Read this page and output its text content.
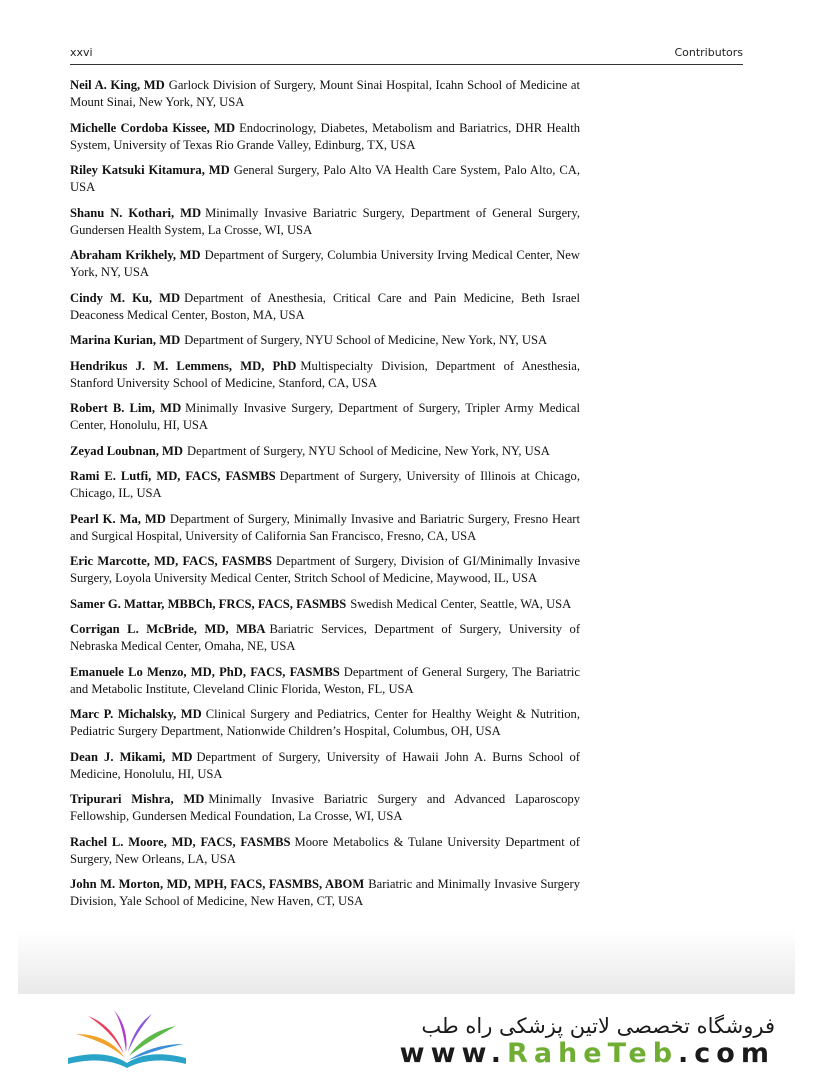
xxvi	Contributors

Neil A. King, MD Garlock Division of Surgery, Mount Sinai Hospital, Icahn School of Medicine at Mount Sinai, New York, NY, USA

Michelle Cordoba Kissee, MD Endocrinology, Diabetes, Metabolism and Bariatrics, DHR Health System, University of Texas Rio Grande Valley, Edinburg, TX, USA

Riley Katsuki Kitamura, MD General Surgery, Palo Alto VA Health Care System, Palo Alto, CA, USA

Shanu N. Kothari, MD Minimally Invasive Bariatric Surgery, Department of General Surgery, Gundersen Health System, La Crosse, WI, USA

Abraham Krikhely, MD Department of Surgery, Columbia University Irving Medical Center, New York, NY, USA

Cindy M. Ku, MD Department of Anesthesia, Critical Care and Pain Medicine, Beth Israel Deaconess Medical Center, Boston, MA, USA

Marina Kurian, MD Department of Surgery, NYU School of Medicine, New York, NY, USA

Hendrikus J. M. Lemmens, MD, PhD Multispecialty Division, Department of Anesthesia, Stanford University School of Medicine, Stanford, CA, USA

Robert B. Lim, MD Minimally Invasive Surgery, Department of Surgery, Tripler Army Medical Center, Honolulu, HI, USA

Zeyad Loubnan, MD Department of Surgery, NYU School of Medicine, New York, NY, USA

Rami E. Lutfi, MD, FACS, FASMBS Department of Surgery, University of Illinois at Chicago, Chicago, IL, USA

Pearl K. Ma, MD Department of Surgery, Minimally Invasive and Bariatric Surgery, Fresno Heart and Surgical Hospital, University of California San Francisco, Fresno, CA, USA

Eric Marcotte, MD, FACS, FASMBS Department of Surgery, Division of GI/Minimally Invasive Surgery, Loyola University Medical Center, Stritch School of Medicine, Maywood, IL, USA

Samer G. Mattar, MBBCh, FRCS, FACS, FASMBS Swedish Medical Center, Seattle, WA, USA

Corrigan L. McBride, MD, MBA Bariatric Services, Department of Surgery, University of Nebraska Medical Center, Omaha, NE, USA

Emanuele Lo Menzo, MD, PhD, FACS, FASMBS Department of General Surgery, The Bariatric and Metabolic Institute, Cleveland Clinic Florida, Weston, FL, USA

Marc P. Michalsky, MD Clinical Surgery and Pediatrics, Center for Healthy Weight & Nutrition, Pediatric Surgery Department, Nationwide Children’s Hospital, Columbus, OH, USA

Dean J. Mikami, MD Department of Surgery, University of Hawaii John A. Burns School of Medicine, Honolulu, HI, USA

Tripurari Mishra, MD Minimally Invasive Bariatric Surgery and Advanced Laparoscopy Fellowship, Gundersen Medical Foundation, La Crosse, WI, USA

Rachel L. Moore, MD, FACS, FASMBS Moore Metabolics & Tulane University Department of Surgery, New Orleans, LA, USA

John M. Morton, MD, MPH, FACS, FASMBS, ABOM Bariatric and Minimally Invasive Surgery Division, Yale School of Medicine, New Haven, CT, USA

فروشگاه تخصصی لاتین پزشکی راه طب
www.RaheTeb.com
